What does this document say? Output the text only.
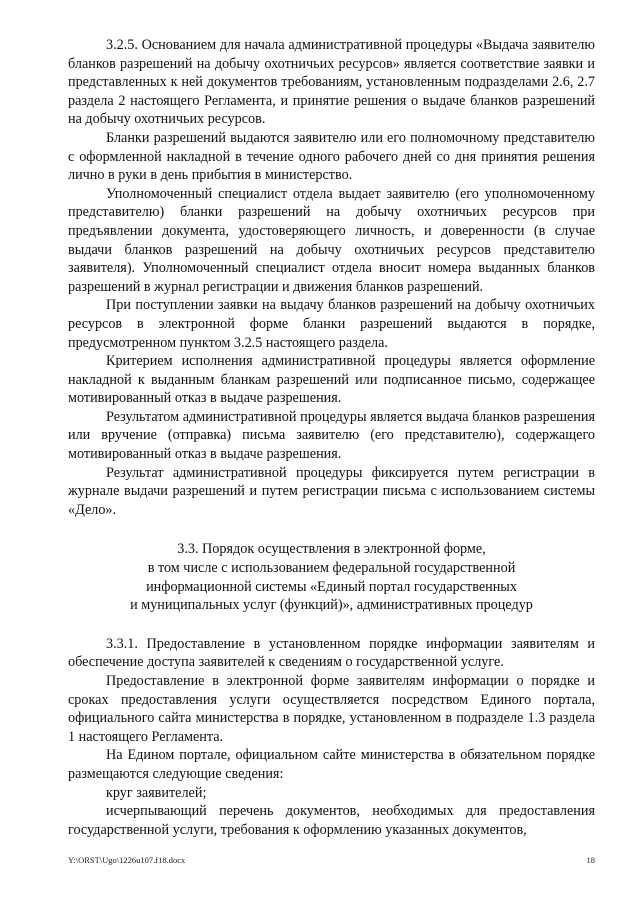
3.2.5. Основанием для начала административной процедуры «Выдача заявителю бланков разрешений на добычу охотничьих ресурсов» является соответствие заявки и представленных к ней документов требованиям, установленным подразделами 2.6, 2.7 раздела 2 настоящего Регламента, и принятие решения о выдаче бланков разрешений на добычу охотничьих ресурсов.

Бланки разрешений выдаются заявителю или его полномочному представителю с оформленной накладной в течение одного рабочего дней со дня принятия решения лично в руки в день прибытия в министерство.

Уполномоченный специалист отдела выдает заявителю (его уполномоченному представителю) бланки разрешений на добычу охотничьих ресурсов при предъявлении документа, удостоверяющего личность, и доверенности (в случае выдачи бланков разрешений на добычу охотничьих ресурсов представителю заявителя). Уполномоченный специалист отдела вносит номера выданных бланков разрешений в журнал регистрации и движения бланков разрешений.

При поступлении заявки на выдачу бланков разрешений на добычу охотничьих ресурсов в электронной форме бланки разрешений выдаются в порядке, предусмотренном пунктом 3.2.5 настоящего раздела.

Критерием исполнения административной процедуры является оформление накладной к выданным бланкам разрешений или подписанное письмо, содержащее мотивированный отказ в выдаче разрешения.

Результатом административной процедуры является выдача бланков разрешения или вручение (отправка) письма заявителю (его представителю), содержащего мотивированный отказ в выдаче разрешения.

Результат административной процедуры фиксируется путем регистрации в журнале выдачи разрешений и путем регистрации письма с использованием системы «Дело».

3.3. Порядок осуществления в электронной форме,
в том числе с использованием федеральной государственной
информационной системы «Единый портал государственных
и муниципальных услуг (функций)», административных процедур

3.3.1. Предоставление в установленном порядке информации заявителям и обеспечение доступа заявителей к сведениям о государственной услуге.

Предоставление в электронной форме заявителям информации о порядке и сроках предоставления услуги осуществляется посредством Единого портала, официального сайта министерства в порядке, установленном в подразделе 1.3 раздела 1 настоящего Регламента.

На Едином портале, официальном сайте министерства в обязательном порядке размещаются следующие сведения:

круг заявителей;

исчерпывающий перечень документов, необходимых для предоставления государственной услуги, требования к оформлению указанных документов,

Y:\ORST\Ugo\1226u107.f18.docx	18
